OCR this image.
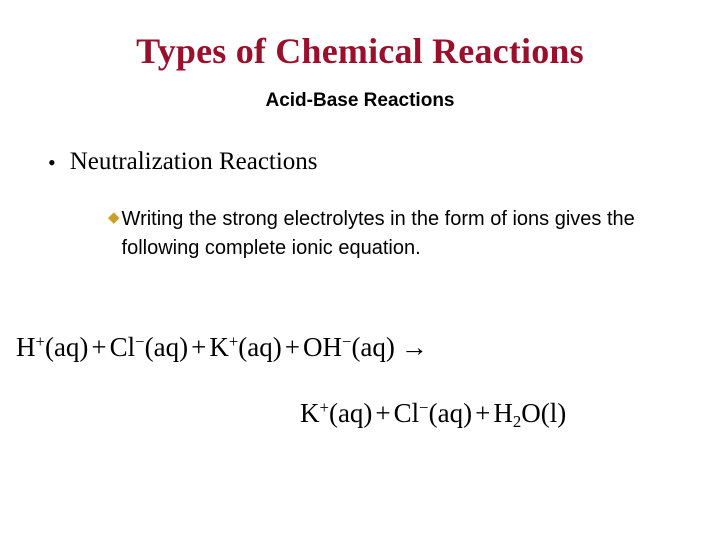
Types of Chemical Reactions
Acid-Base Reactions
• Neutralization Reactions
◆ Writing the strong electrolytes in the form of ions gives the following complete ionic equation.
H+(aq) + Cl−(aq) + K+(aq) + OH−(aq) →
$K^+(aq) + Cl^-(aq) + H_2O(l)$
